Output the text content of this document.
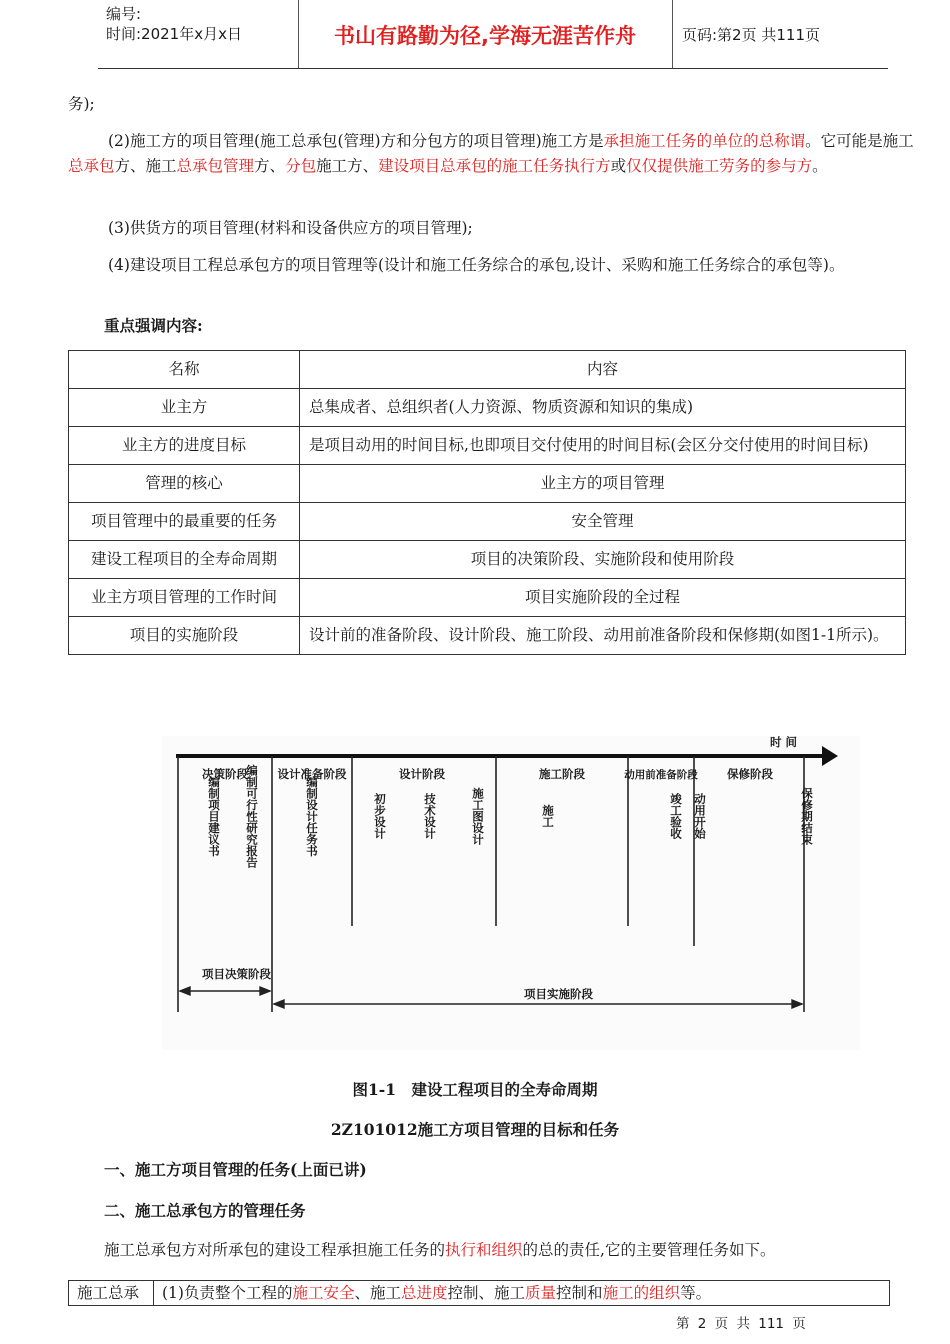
编号:
时间:2021年x月x日	书山有路勤为径,学海无涯苦作舟	页码:第2页 共111页
务);
(2)施工方的项目管理(施工总承包(管理)方和分包方的项目管理)施工方是承担施工任务的单位的总称谓。它可能是施工总承包方、施工总承包管理方、分包施工方、建设项目总承包的施工任务执行方或仅仅提供施工劳务的参与方。
(3)供货方的项目管理(材料和设备供应方的项目管理);
(4)建设项目工程总承包方的项目管理等(设计和施工任务综合的承包,设计、采购和施工任务综合的承包等)。
重点强调内容:
名称	内容
业主方	总集成者、总组织者(人力资源、物质资源和知识的集成)
业主方的进度目标	是项目动用的时间目标,也即项目交付使用的时间目标(会区分交付使用的时间目标)
管理的核心	业主方的项目管理
项目管理中的最重要的任务	安全管理
建设工程项目的全寿命周期	项目的决策阶段、实施阶段和使用阶段
业主方项目管理的工作时间	项目实施阶段的全过程
项目的实施阶段	设计前的准备阶段、设计阶段、施工阶段、动用前准备阶段和保修期(如图1-1所示)。
时 间
决策阶段	设计准备阶段	设计阶段	施工阶段	动用前准备阶段	保修阶段
编制项目建议书 编制可行性研究报告	编制设计任务书	初步设计	技术设计	施工图设计	施工	竣工验收 动用开始	保修期结束
项目决策阶段
项目实施阶段
图1-1　建设工程项目的全寿命周期
2Z101012施工方项目管理的目标和任务
一、施工方项目管理的任务(上面已讲)
二、施工总承包方的管理任务
施工总承包方对所承包的建设工程承担施工任务的执行和组织的总的责任,它的主要管理任务如下。
施工总承	(1)负责整个工程的施工安全、施工总进度控制、施工质量控制和施工的组织等。
第 2 页 共 111 页
